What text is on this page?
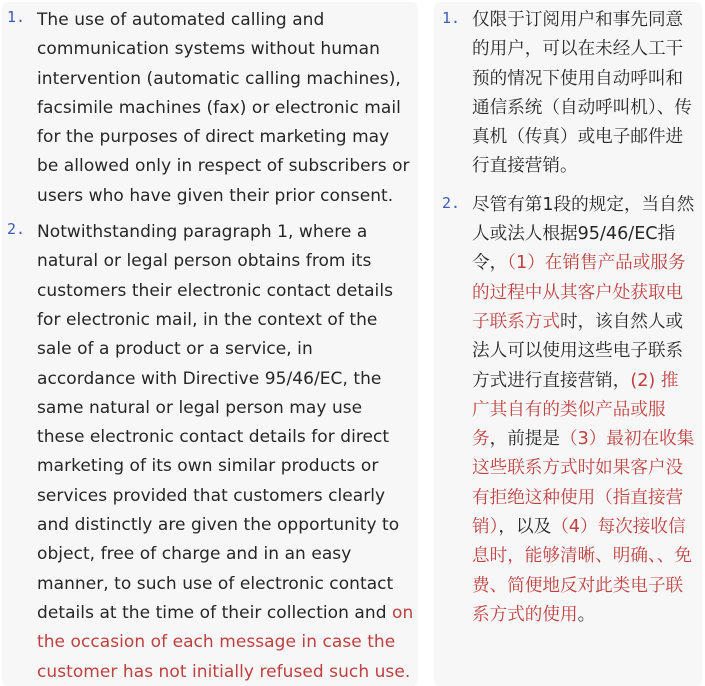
1. The use of automated calling and communication systems without human intervention (automatic calling machines), facsimile machines (fax) or electronic mail for the purposes of direct marketing may be allowed only in respect of subscribers or users who have given their prior consent.
2. Notwithstanding paragraph 1, where a natural or legal person obtains from its customers their electronic contact details for electronic mail, in the context of the sale of a product or a service, in accordance with Directive 95/46/EC, the same natural or legal person may use these electronic contact details for direct marketing of its own similar products or services provided that customers clearly and distinctly are given the opportunity to object, free of charge and in an easy manner, to such use of electronic contact details at the time of their collection and on the occasion of each message in case the customer has not initially refused such use.
1. 仅限于订阅用户和事先同意的用户，可以在未经人工干预的情况下使用自动呼叫和通信系统（自动呼叫机）、传真机（传真）或电子邮件进行直接营销。
2. 尽管有第1段的规定，当自然人或法人根据95/46/EC指令，（1）在销售产品或服务的过程中从其客户处获取电子联系方式时，该自然人或法人可以使用这些电子联系方式进行直接营销，(2) 推广其自有的类似产品或服务，前提是（3）最初在收集这些联系方式时如果客户没有拒绝这种使用（指直接营销），以及（4）每次接收信息时，能够清晰、明确、、免费、简便地反对此类电子联系方式的使用。
